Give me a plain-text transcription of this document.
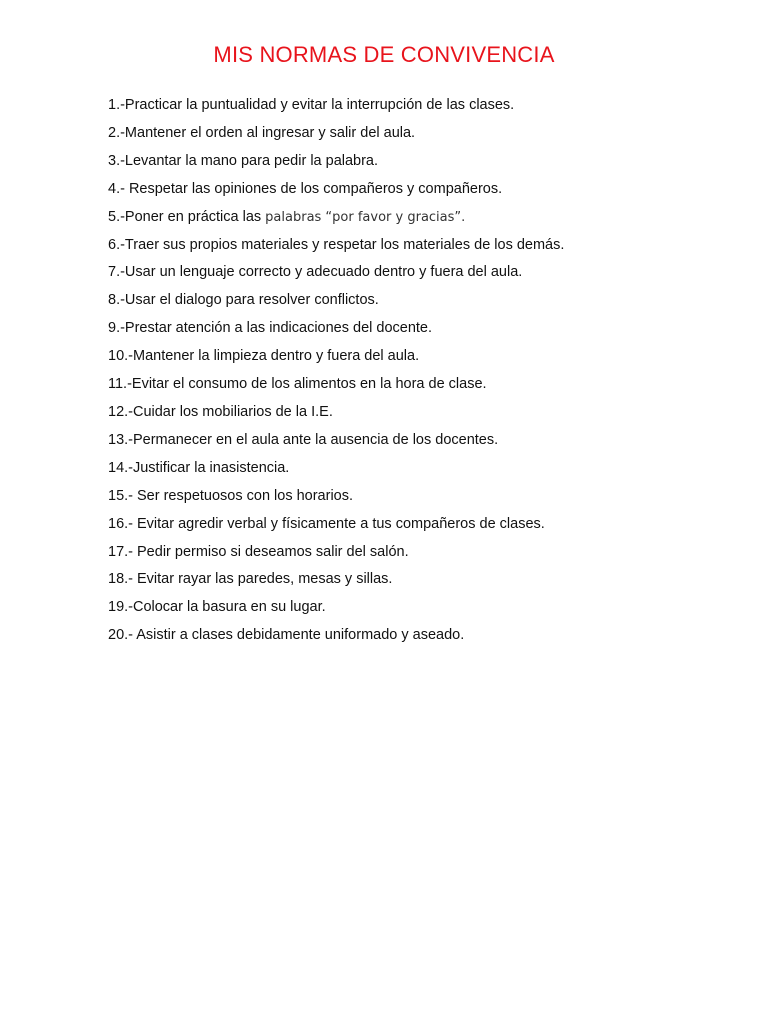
MIS NORMAS DE CONVIVENCIA
1.-Practicar la puntualidad y evitar la interrupción de las clases.
2.-Mantener el orden al ingresar y salir del aula.
3.-Levantar la mano para pedir la palabra.
4.- Respetar las opiniones de los compañeros y compañeros.
5.-Poner en práctica las palabras “por favor y gracias”.
6.-Traer sus propios materiales y respetar los materiales de los demás.
7.-Usar un lenguaje correcto y adecuado dentro y fuera del aula.
8.-Usar el dialogo para resolver conflictos.
9.-Prestar atención a las indicaciones del docente.
10.-Mantener la limpieza dentro y fuera del aula.
11.-Evitar el consumo de los alimentos en la hora de clase.
12.-Cuidar los mobiliarios de la I.E.
13.-Permanecer en el aula ante la ausencia de los docentes.
14.-Justificar la inasistencia.
15.- Ser respetuosos con los horarios.
16.- Evitar agredir verbal y físicamente a tus compañeros de clases.
17.- Pedir permiso si deseamos salir del salón.
18.- Evitar rayar las paredes, mesas y sillas.
19.-Colocar la basura en su lugar.
20.- Asistir a clases debidamente uniformado y aseado.
